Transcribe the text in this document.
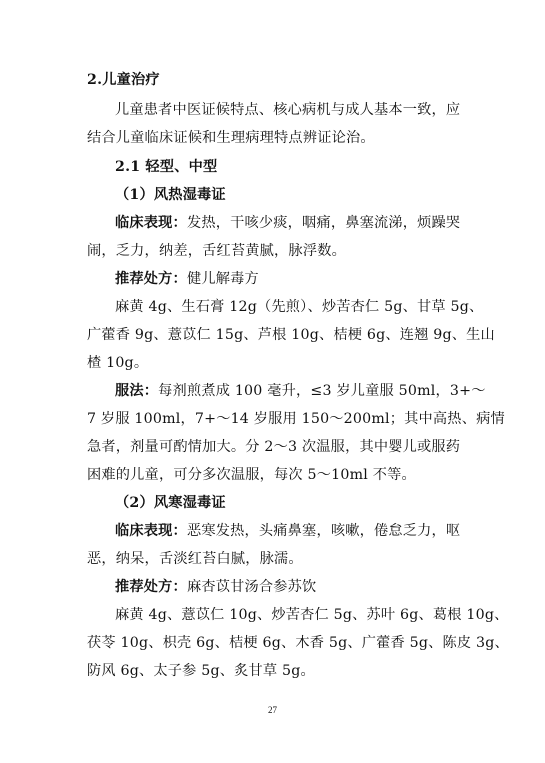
2.儿童治疗
儿童患者中医证候特点、核心病机与成人基本一致，应
结合儿童临床证候和生理病理特点辨证论治。
2.1 轻型、中型
（1）风热湿毒证
临床表现：发热，干咳少痰，咽痛，鼻塞流涕，烦躁哭
闹，乏力，纳差，舌红苔黄腻，脉浮数。
推荐处方：健儿解毒方
麻黄 4g、生石膏 12g（先煎）、炒苦杏仁 5g、甘草 5g、
广藿香 9g、薏苡仁 15g、芦根 10g、桔梗 6g、连翘 9g、生山
楂 10g。
服法：每剂煎煮成 100 毫升，≤3 岁儿童服 50ml，3+～
7 岁服 100ml，7+～14 岁服用 150～200ml；其中高热、病情
急者，剂量可酌情加大。分 2～3 次温服，其中婴儿或服药
困难的儿童，可分多次温服，每次 5～10ml 不等。
（2）风寒湿毒证
临床表现：恶寒发热，头痛鼻塞，咳嗽，倦怠乏力，呕
恶，纳呆，舌淡红苔白腻，脉濡。
推荐处方：麻杏苡甘汤合参苏饮
麻黄 4g、薏苡仁 10g、炒苦杏仁 5g、苏叶 6g、葛根 10g、
茯苓 10g、枳壳 6g、桔梗 6g、木香 5g、广藿香 5g、陈皮 3g、
防风 6g、太子参 5g、炙甘草 5g。
27
